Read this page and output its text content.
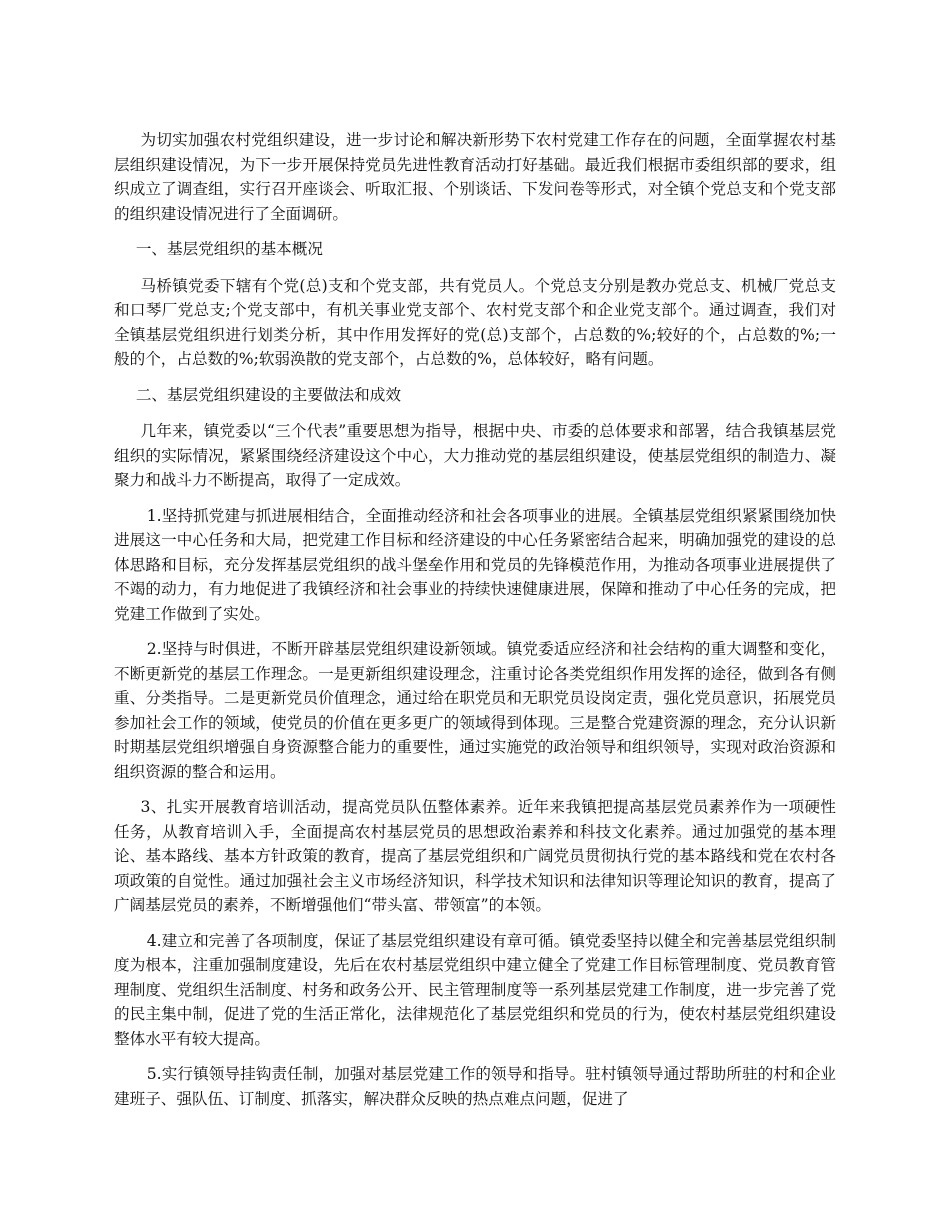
为切实加强农村党组织建设，进一步讨论和解决新形势下农村党建工作存在的问题，全面掌握农村基层组织建设情况，为下一步开展保持党员先进性教育活动打好基础。最近我们根据市委组织部的要求，组织成立了调查组，实行召开座谈会、听取汇报、个别谈话、下发问卷等形式，对全镇个党总支和个党支部的组织建设情况进行了全面调研。

一、基层党组织的基本概况

马桥镇党委下辖有个党(总)支和个党支部，共有党员人。个党总支分别是教办党总支、机械厂党总支和口琴厂党总支;个党支部中，有机关事业党支部个、农村党支部个和企业党支部个。通过调查，我们对全镇基层党组织进行划类分析，其中作用发挥好的党(总)支部个，占总数的%;较好的个，占总数的%;一般的个，占总数的%;软弱涣散的党支部个，占总数的%，总体较好，略有问题。

二、基层党组织建设的主要做法和成效

几年来，镇党委以“三个代表”重要思想为指导，根据中央、市委的总体要求和部署，结合我镇基层党组织的实际情况，紧紧围绕经济建设这个中心，大力推动党的基层组织建设，使基层党组织的制造力、凝聚力和战斗力不断提高，取得了一定成效。

1.坚持抓党建与抓进展相结合，全面推动经济和社会各项事业的进展。全镇基层党组织紧紧围绕加快进展这一中心任务和大局，把党建工作目标和经济建设的中心任务紧密结合起来，明确加强党的建设的总体思路和目标，充分发挥基层党组织的战斗堡垒作用和党员的先锋模范作用，为推动各项事业进展提供了不竭的动力，有力地促进了我镇经济和社会事业的持续快速健康进展，保障和推动了中心任务的完成，把党建工作做到了实处。

2.坚持与时俱进，不断开辟基层党组织建设新领域。镇党委适应经济和社会结构的重大调整和变化，不断更新党的基层工作理念。一是更新组织建设理念，注重讨论各类党组织作用发挥的途径，做到各有侧重、分类指导。二是更新党员价值理念，通过给在职党员和无职党员设岗定责，强化党员意识，拓展党员参加社会工作的领域，使党员的价值在更多更广的领域得到体现。三是整合党建资源的理念，充分认识新时期基层党组织增强自身资源整合能力的重要性，通过实施党的政治领导和组织领导，实现对政治资源和组织资源的整合和运用。

3、扎实开展教育培训活动，提高党员队伍整体素养。近年来我镇把提高基层党员素养作为一项硬性任务，从教育培训入手，全面提高农村基层党员的思想政治素养和科技文化素养。通过加强党的基本理论、基本路线、基本方针政策的教育，提高了基层党组织和广阔党员贯彻执行党的基本路线和党在农村各项政策的自觉性。通过加强社会主义市场经济知识，科学技术知识和法律知识等理论知识的教育，提高了广阔基层党员的素养，不断增强他们“带头富、带领富”的本领。

4.建立和完善了各项制度，保证了基层党组织建设有章可循。镇党委坚持以健全和完善基层党组织制度为根本，注重加强制度建设，先后在农村基层党组织中建立健全了党建工作目标管理制度、党员教育管理制度、党组织生活制度、村务和政务公开、民主管理制度等一系列基层党建工作制度，进一步完善了党的民主集中制，促进了党的生活正常化，法律规范化了基层党组织和党员的行为，使农村基层党组织建设整体水平有较大提高。

5.实行镇领导挂钩责任制，加强对基层党建工作的领导和指导。驻村镇领导通过帮助所驻的村和企业建班子、强队伍、订制度、抓落实，解决群众反映的热点难点问题，促进了
